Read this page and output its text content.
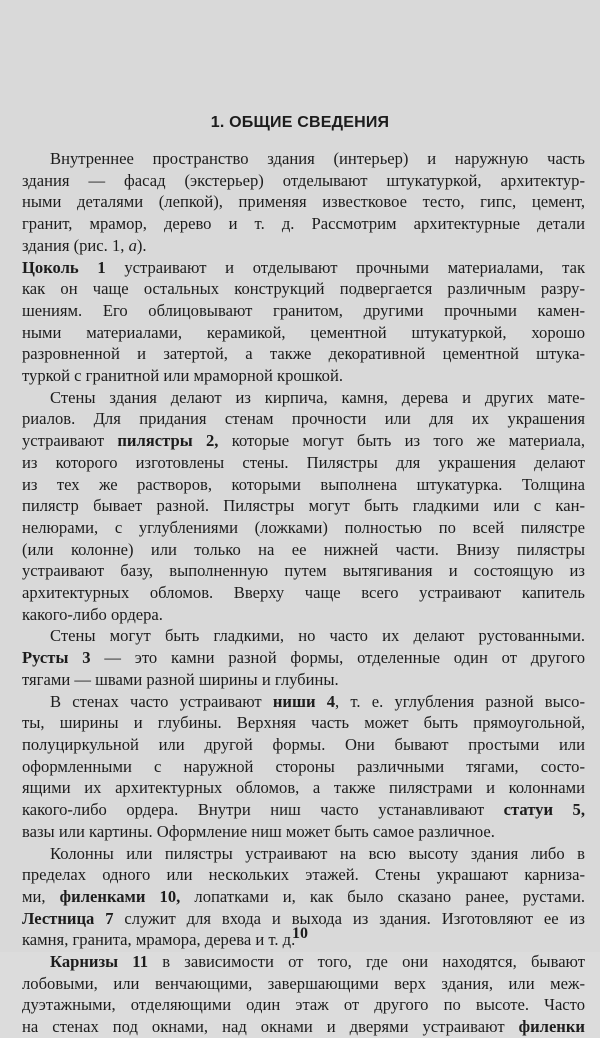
1. ОБЩИЕ СВЕДЕНИЯ

Внутреннее пространство здания (интерьер) и наружную часть

здания — фасад (экстерьер) отделывают штукатуркой, архитектур-

ными деталями (лепкой), применяя известковое тесто, гипс, цемент,

гранит, мрамор, дерево и т. д. Рассмотрим архитектурные детали

здания (рис. 1, а).

Цоколь 1 устраивают и отделывают прочными материалами, так

как он чаще остальных конструкций подвергается различным разру-

шениям. Его облицовывают гранитом, другими прочными камен-

ными материалами, керамикой, цементной штукатуркой, хорошо

разровненной и затертой, а также декоративной цементной штука-

туркой с гранитной или мраморной крошкой.

Стены здания делают из кирпича, камня, дерева и других мате-

риалов. Для придания стенам прочности или для их украшения

устраивают пилястры 2, которые могут быть из того же материала,

из которого изготовлены стены. Пилястры для украшения делают

из тех же растворов, которыми выполнена штукатурка. Толщина

пилястр бывает разной. Пилястры могут быть гладкими или с кан-

нелюрами, с углублениями (ложками) полностью по всей пилястре

(или колонне) или только на ее нижней части. Внизу пилястры

устраивают базу, выполненную путем вытягивания и состоящую из

архитектурных обломов. Вверху чаще всего устраивают капитель

какого-либо ордера.

Стены могут быть гладкими, но часто их делают рустованными.

Русты 3 — это камни разной формы, отделенные один от другого

тягами — швами разной ширины и глубины.

В стенах часто устраивают ниши 4, т. е. углубления разной высо-

ты, ширины и глубины. Верхняя часть может быть прямоугольной,

полуциркульной или другой формы. Они бывают простыми или

оформленными с наружной стороны различными тягами, состо-

ящими их архитектурных обломов, а также пилястрами и колоннами

какого-либо ордера. Внутри ниш часто устанавливают статуи 5,

вазы или картины. Оформление ниш может быть самое различное.

Колонны или пилястры устраивают на всю высоту здания либо в

пределах одного или нескольких этажей. Стены украшают карниза-

ми, филенками 10, лопатками и, как было сказано ранее, рустами.

Лестница 7 служит для входа и выхода из здания. Изготовляют ее из

камня, гранита, мрамора, дерева и т. д.

Карнизы 11 в зависимости от того, где они находятся, бывают

лобовыми, или венчающими, завершающими верх здания, или меж-

дуэтажными, отделяющими один этаж от другого по высоте. Часто

на стенах под окнами, над окнами и дверями устраивают филенки

10
